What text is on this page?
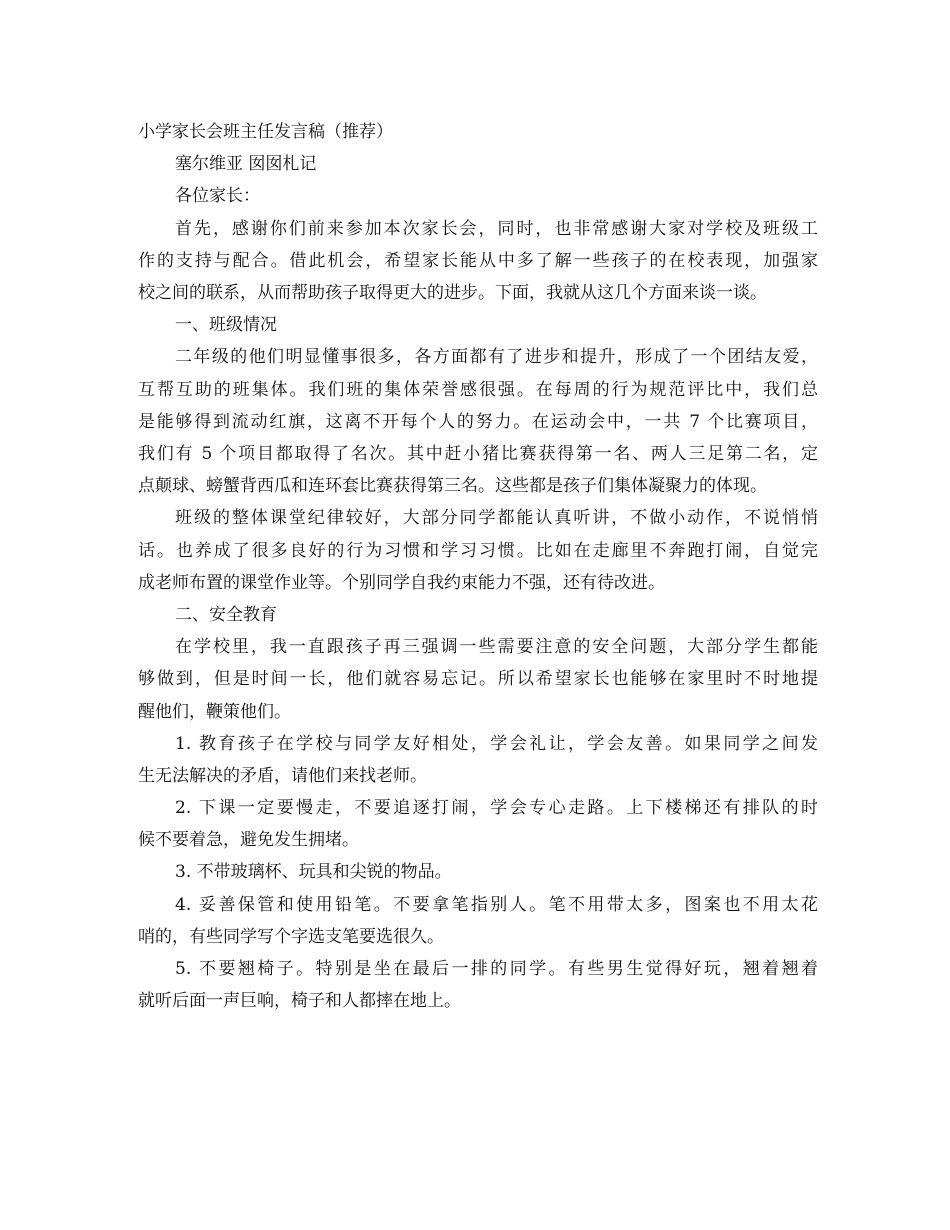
小学家长会班主任发言稿（推荐）
塞尔维亚 囡囡札记
各位家长：
首先，感谢你们前来参加本次家长会，同时，也非常感谢大家对学校及班级工
作的支持与配合。借此机会，希望家长能从中多了解一些孩子的在校表现，加强家
校之间的联系，从而帮助孩子取得更大的进步。下面，我就从这几个方面来谈一谈。
一、班级情况
二年级的他们明显懂事很多，各方面都有了进步和提升，形成了一个团结友爱，
互帮互助的班集体。我们班的集体荣誉感很强。在每周的行为规范评比中，我们总
是能够得到流动红旗，这离不开每个人的努力。在运动会中，一共 7 个比赛项目，
我们有 5 个项目都取得了名次。其中赶小猪比赛获得第一名、两人三足第二名，定
点颠球、螃蟹背西瓜和连环套比赛获得第三名。这些都是孩子们集体凝聚力的体现。
班级的整体课堂纪律较好，大部分同学都能认真听讲，不做小动作，不说悄悄
话。也养成了很多良好的行为习惯和学习习惯。比如在走廊里不奔跑打闹，自觉完
成老师布置的课堂作业等。个别同学自我约束能力不强，还有待改进。
二、安全教育
在学校里，我一直跟孩子再三强调一些需要注意的安全问题，大部分学生都能
够做到，但是时间一长，他们就容易忘记。所以希望家长也能够在家里时不时地提
醒他们，鞭策他们。
1. 教育孩子在学校与同学友好相处，学会礼让，学会友善。如果同学之间发
生无法解决的矛盾，请他们来找老师。
2. 下课一定要慢走，不要追逐打闹，学会专心走路。上下楼梯还有排队的时
候不要着急，避免发生拥堵。
3. 不带玻璃杯、玩具和尖锐的物品。
4. 妥善保管和使用铅笔。不要拿笔指别人。笔不用带太多，图案也不用太花
哨的，有些同学写个字选支笔要选很久。
5. 不要翘椅子。特别是坐在最后一排的同学。有些男生觉得好玩，翘着翘着
就听后面一声巨响，椅子和人都摔在地上。
